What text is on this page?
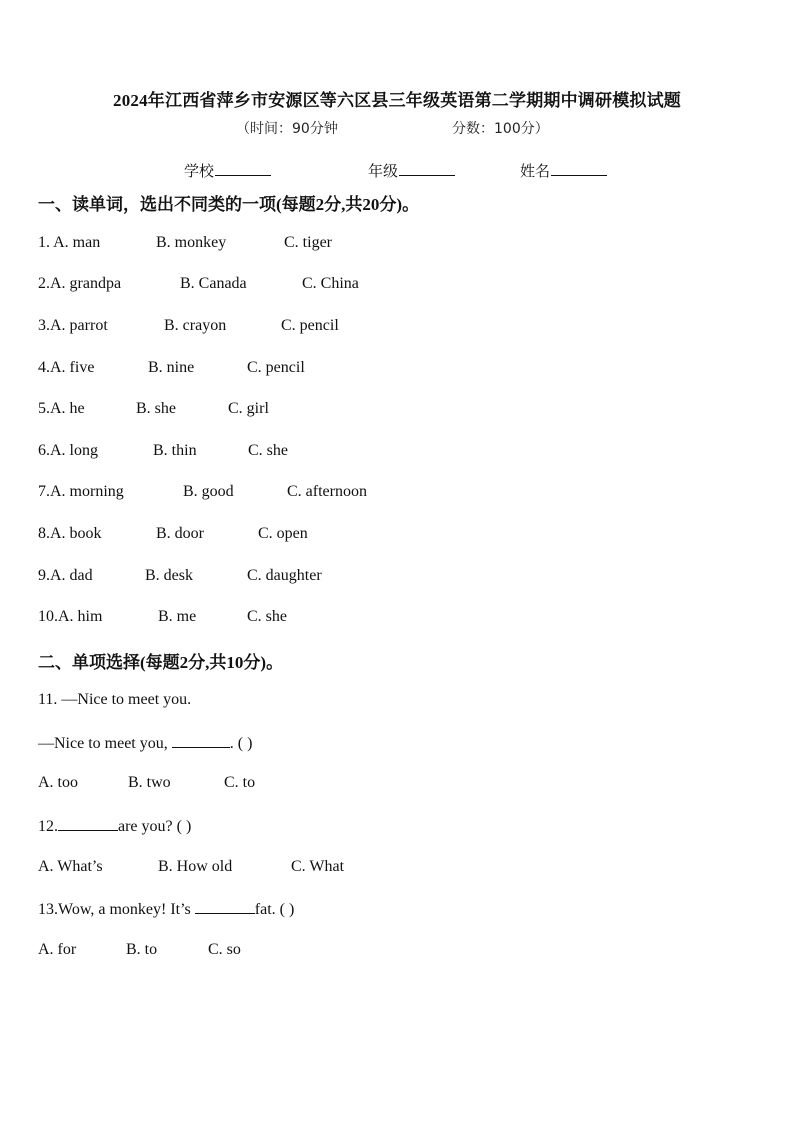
2024年江西省萍乡市安源区等六区县三年级英语第二学期期中调研模拟试题
（时间：90分钟	分数：100分）
学校	年级	姓名
一、读单词，选出不同类的一项(每题2分,共20分)。
1. A. man	B. monkey	C. tiger
2.A. grandpa	B. Canada	C. China
3.A. parrot	B. crayon	C. pencil
4.A. five	B. nine	C. pencil
5.A. he	B. she	C. girl
6.A. long	B. thin	C. she
7.A. morning	B. good	C. afternoon
8.A. book	B. door	C. open
9.A. dad	B. desk	C. daughter
10.A. him	B. me	C. she
二、单项选择(每题2分,共10分)。
11. —Nice to meet you.
—Nice to meet you,	. ( )
A. too	B. two	C. to
12.	are you? ( )
A. What’s	B. How old	C. What
13.Wow, a monkey! It’s	fat. ( )
A. for	B. to	C. so
